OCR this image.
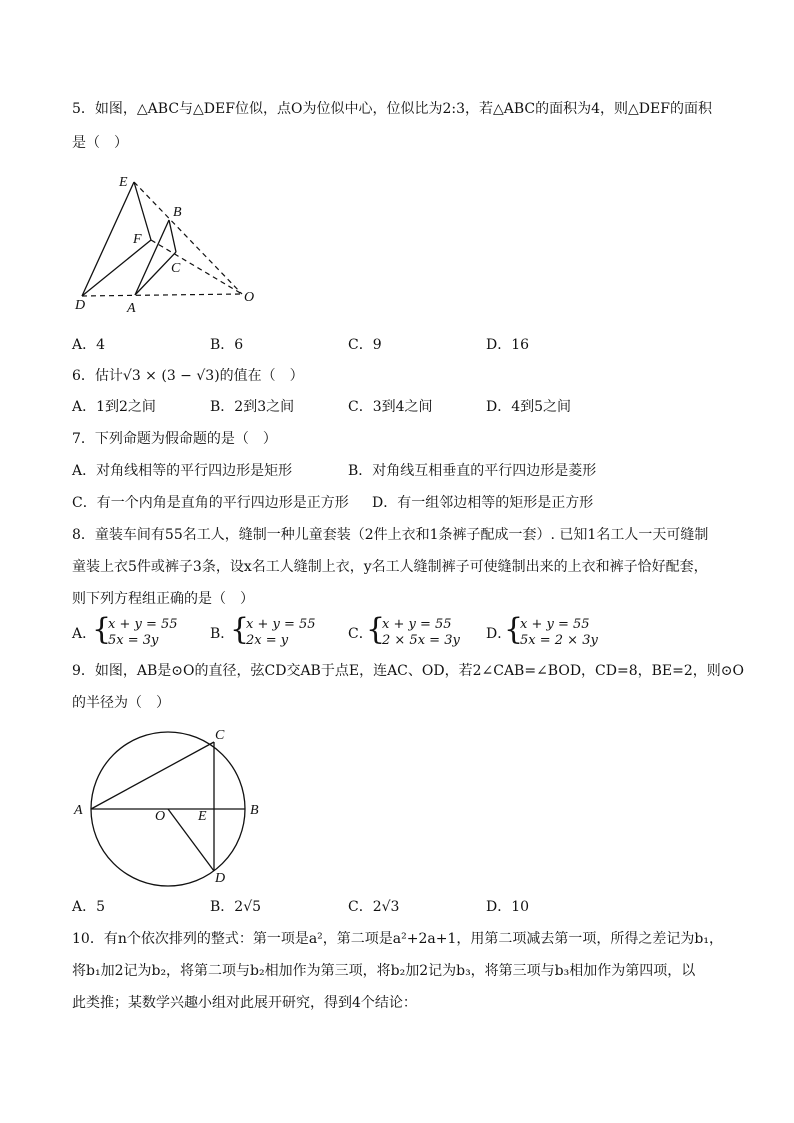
5．如图，△ABC与△DEF位似，点O为位似中心，位似比为2:3，若△ABC的面积为4，则△DEF的面积
是（　）
E
B
F
C
D	A
O
A．4	B．6	C．9	D．16
6．估计√3 × (3 − √3)的值在（　）
A．1到2之间	B．2到3之间	C．3到4之间	D．4到5之间
7．下列命题为假命题的是（　）
A．对角线相等的平行四边形是矩形	B．对角线互相垂直的平行四边形是菱形
C．有一个内角是直角的平行四边形是正方形 D．有一组邻边相等的矩形是正方形
8．童装车间有55名工人，缝制一种儿童套装（2件上衣和1条裤子配成一套）. 已知1名工人一天可缝制
童装上衣5件或裤子3条，设x名工人缝制上衣，y名工人缝制裤子可使缝制出来的上衣和裤子恰好配套，
则下列方程组正确的是（　）
A．
{
x + y = 55
5x = 3y	B．
{
x + y = 55
2x = y	C．
{
x + y = 55
2 × 5x = 3y D．
{
x + y = 55
5x = 2 × 3y
9．如图，AB是⊙O的直径，弦CD交AB于点E，连AC、OD，若2∠CAB=∠BOD，CD=8，BE=2，则⊙O
的半径为（　）
C
A	O E	B
D
A．5	B．2√5	C．2√3	D．10
10．有n个依次排列的整式：第一项是a²，第二项是a²+2a+1，用第二项减去第一项，所得之差记为b₁，
将b₁加2记为b₂，将第二项与b₂相加作为第三项，将b₂加2记为b₃，将第三项与b₃相加作为第四项，以
此类推；某数学兴趣小组对此展开研究，得到4个结论：
